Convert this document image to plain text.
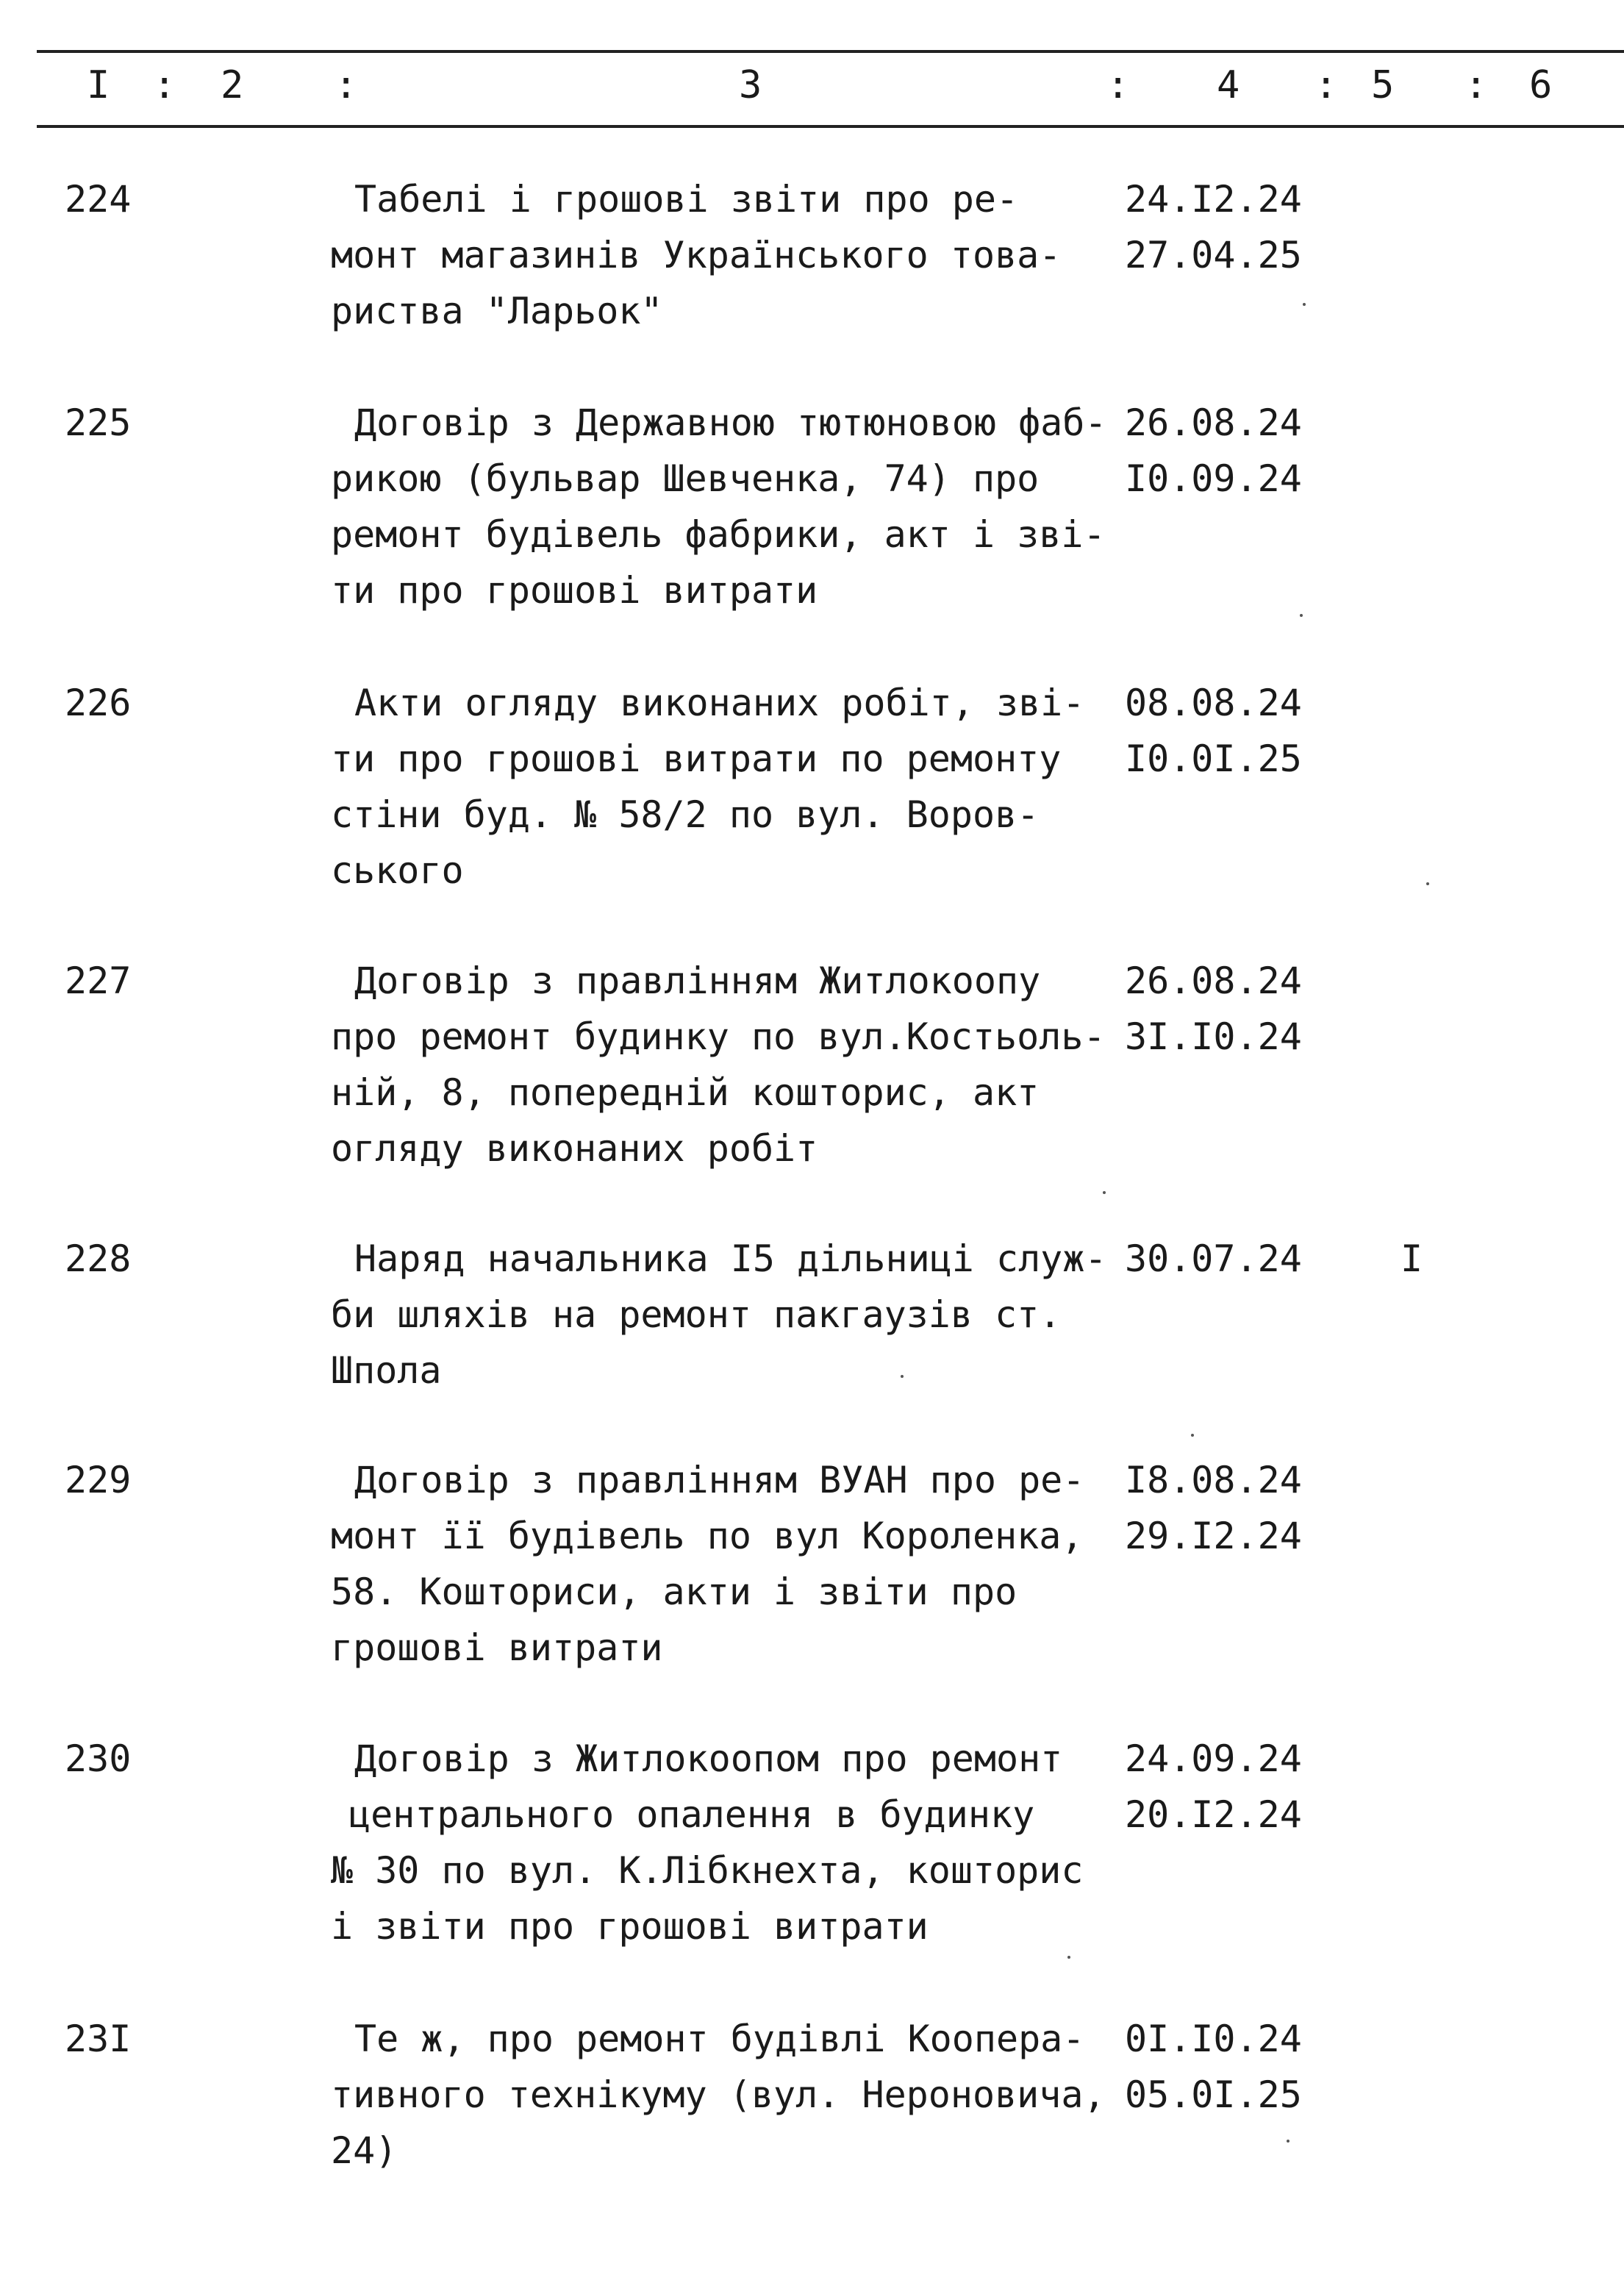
I : 2 :	3	: 4 : 5 : 6
224	Табелі і грошові звіти про ре-
монт магазинів Українського това-
риства "Ларьок"
24.I2.24
27.04.25
225	Договір з Державною тютюновою фаб-
рикою (бульвар Шевченка, 74) про
ремонт будівель фабрики, акт і зві-
ти про грошові витрати
26.08.24
I0.09.24
226	Акти огляду виконаних робіт, зві-
ти про грошові витрати по ремонту
стіни буд. № 58/2 по вул. Воров-
ського
08.08.24
I0.0I.25
227	Договір з правлінням Житлокоопу
про ремонт будинку по вул.Костьоль-
ній, 8, попередній кошторис, акт
огляду виконаних робіт
26.08.24
3I.I0.24
228	Наряд начальника I5 дільниці служ-
би шляхів на ремонт пакгаузів ст.
Шпола
30.07.24	I
229	Договір з правлінням ВУАН про ре-
монт її будівель по вул Короленка,
58. Кошториси, акти і звіти про
грошові витрати
I8.08.24
29.I2.24
230	Договір з Житлокоопом про ремонт
центрального опалення в будинку
№ 30 по вул. К.Лібкнехта, кошторис
і звіти про грошові витрати
24.09.24
20.I2.24
23I	Те ж, про ремонт будівлі Коопера-
тивного технікуму (вул. Нероновича,
24)
0I.I0.24
05.0I.25
